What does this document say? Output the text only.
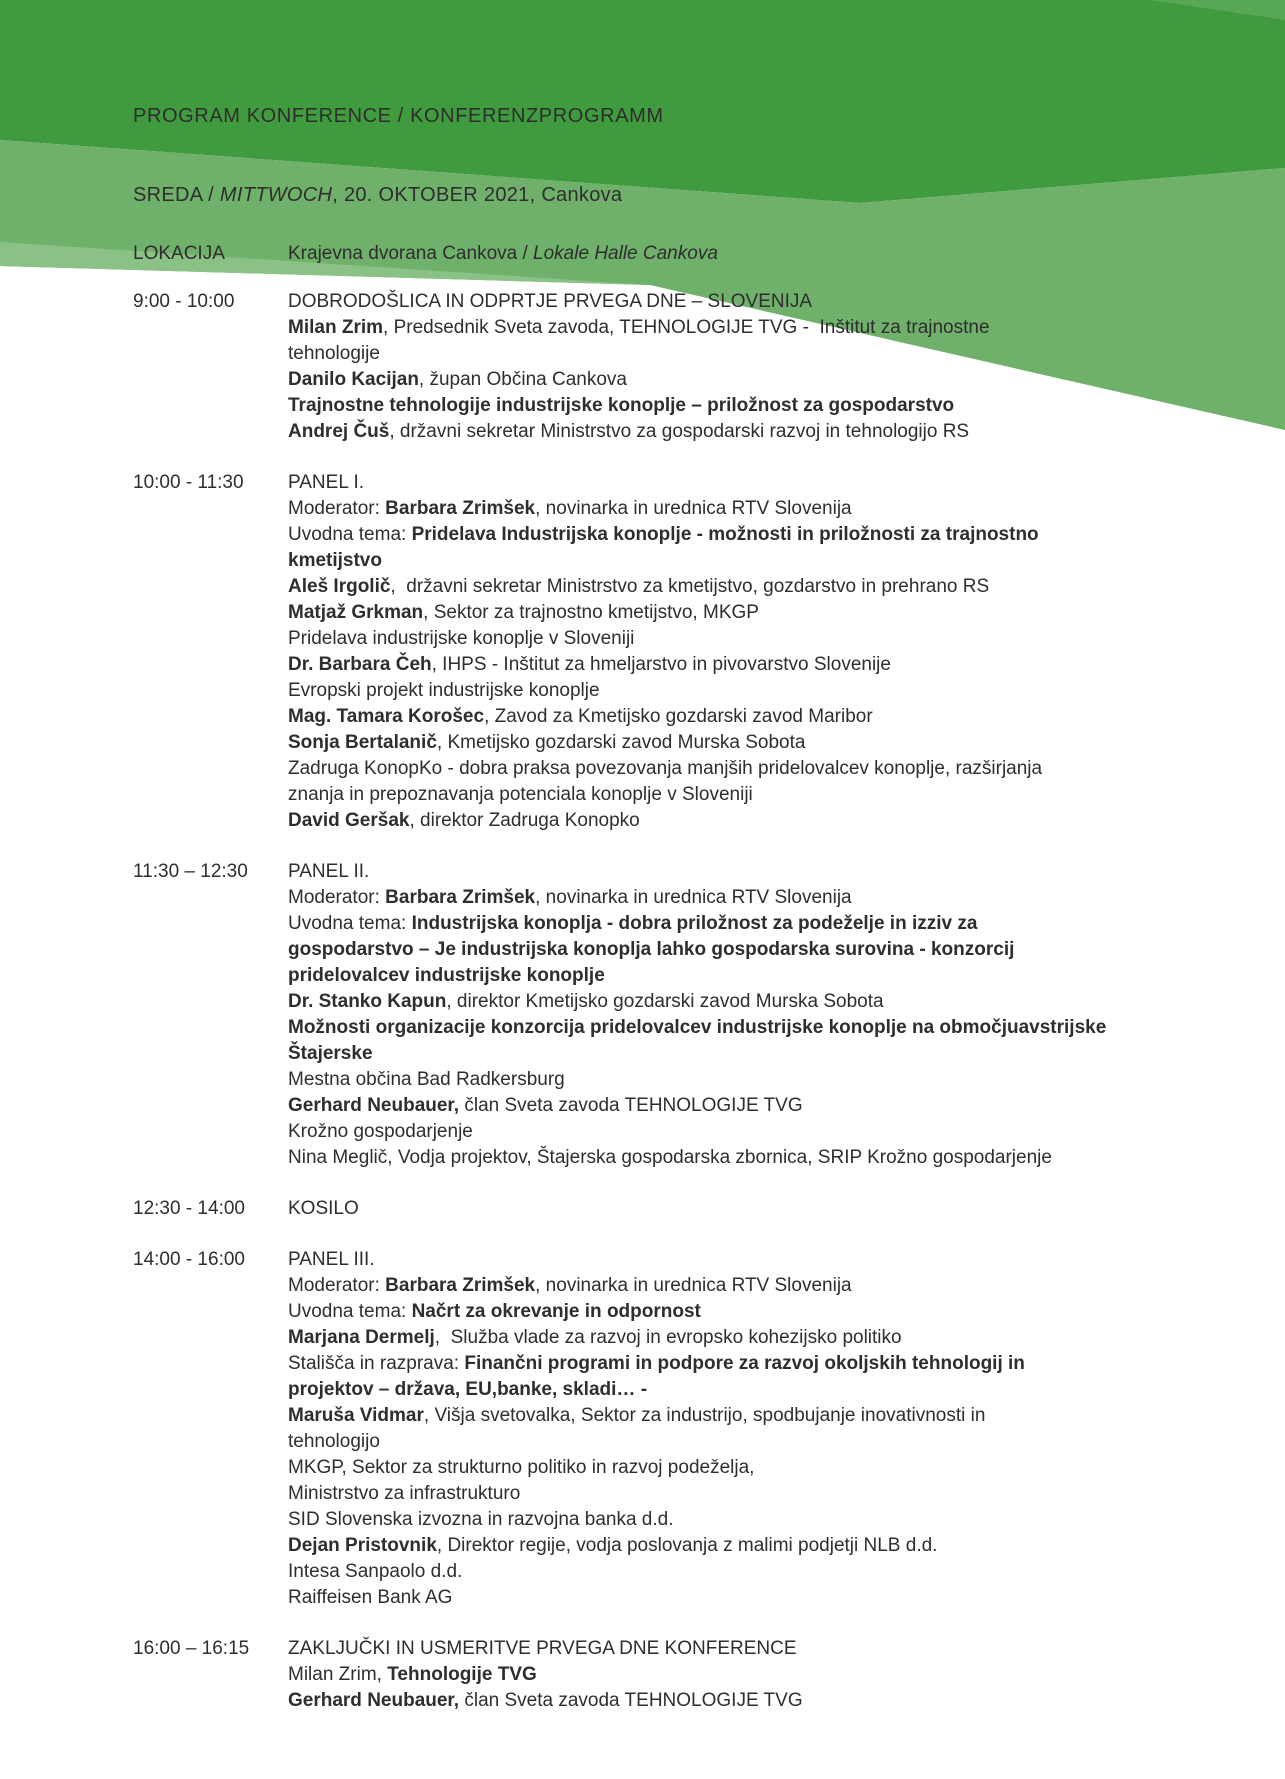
PROGRAM KONFERENCE / KONFERENZPROGRAMM
SREDA / MITTWOCH, 20. OKTOBER 2021, Cankova
LOKACIJA	Krajevna dvorana Cankova / Lokale Halle Cankova
9:00 - 10:00	DOBRODOŠLICA IN ODPRTJE PRVEGA DNE – SLOVENIJA
Milan Zrim, Predsednik Sveta zavoda, TEHNOLOGIJE TVG -  Inštitut za trajnostne
tehnologije
Danilo Kacijan, župan Občina Cankova
Trajnostne tehnologije industrijske konoplje – priložnost za gospodarstvo
Andrej Čuš, državni sekretar Ministrstvo za gospodarski razvoj in tehnologijo RS
10:00 - 11:30	PANEL I.
Moderator: Barbara Zrimšek, novinarka in urednica RTV Slovenija
Uvodna tema: Pridelava Industrijska konoplje - možnosti in priložnosti za trajnostno
kmetijstvo
Aleš Irgolič,  državni sekretar Ministrstvo za kmetijstvo, gozdarstvo in prehrano RS
Matjaž Grkman, Sektor za trajnostno kmetijstvo, MKGP
Pridelava industrijske konoplje v Sloveniji
Dr. Barbara Čeh, IHPS - Inštitut za hmeljarstvo in pivovarstvo Slovenije
Evropski projekt industrijske konoplje
Mag. Tamara Korošec, Zavod za Kmetijsko gozdarski zavod Maribor
Sonja Bertalanič, Kmetijsko gozdarski zavod Murska Sobota
Zadruga KonopKo - dobra praksa povezovanja manjših pridelovalcev konoplje, razširjanja
znanja in prepoznavanja potenciala konoplje v Sloveniji
David Geršak, direktor Zadruga Konopko
11:30 – 12:30	PANEL II.
Moderator: Barbara Zrimšek, novinarka in urednica RTV Slovenija
Uvodna tema: Industrijska konoplja - dobra priložnost za podeželje in izziv za
gospodarstvo – Je industrijska konoplja lahko gospodarska surovina - konzorcij
pridelovalcev industrijske konoplje
Dr. Stanko Kapun, direktor Kmetijsko gozdarski zavod Murska Sobota
Možnosti organizacije konzorcija pridelovalcev industrijske konoplje na območjuavstrijske
Štajerske
Mestna občina Bad Radkersburg
Gerhard Neubauer, član Sveta zavoda TEHNOLOGIJE TVG
Krožno gospodarjenje
Nina Meglič, Vodja projektov, Štajerska gospodarska zbornica, SRIP Krožno gospodarjenje
12:30 - 14:00	KOSILO
14:00 - 16:00	PANEL III.
Moderator: Barbara Zrimšek, novinarka in urednica RTV Slovenija
Uvodna tema: Načrt za okrevanje in odpornost
Marjana Dermelj,  Služba vlade za razvoj in evropsko kohezijsko politiko
Stališča in razprava: Finančni programi in podpore za razvoj okoljskih tehnologij in
projektov – država, EU,banke, skladi… -
Maruša Vidmar, Višja svetovalka, Sektor za industrijo, spodbujanje inovativnosti in
tehnologijo
MKGP, Sektor za strukturno politiko in razvoj podeželja,
Ministrstvo za infrastrukturo
SID Slovenska izvozna in razvojna banka d.d.
Dejan Pristovnik, Direktor regije, vodja poslovanja z malimi podjetji NLB d.d.
Intesa Sanpaolo d.d.
Raiffeisen Bank AG
16:00 – 16:15	ZAKLJUČKI IN USMERITVE PRVEGA DNE KONFERENCE
Milan Zrim, Tehnologije TVG
Gerhard Neubauer, član Sveta zavoda TEHNOLOGIJE TVG
